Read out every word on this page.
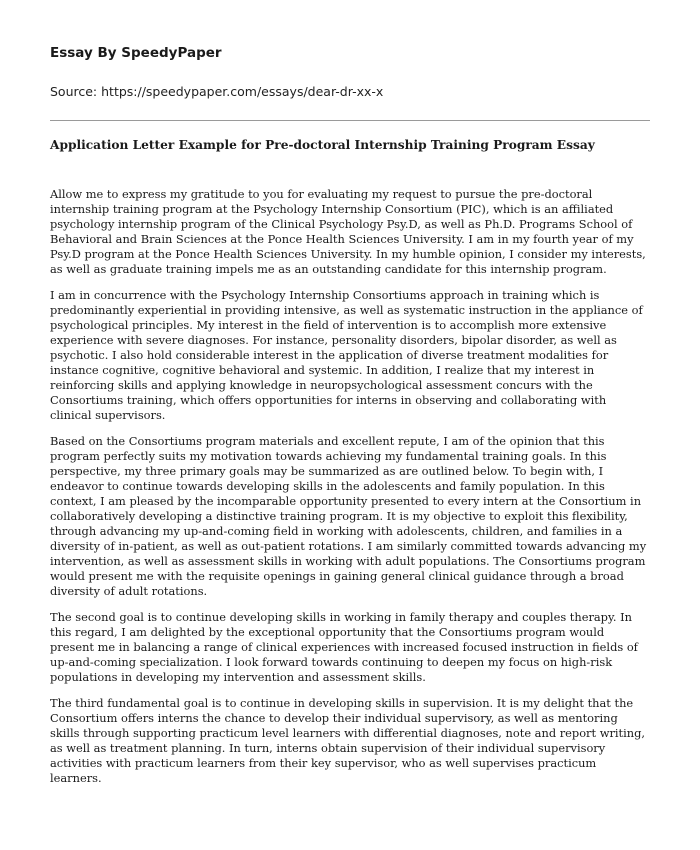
Essay By SpeedyPaper

Source: https://speedypaper.com/essays/dear-dr-xx-x

Application Letter Example for Pre-doctoral Internship Training Program Essay

Allow me to express my gratitude to you for evaluating my request to pursue the pre-doctoral internship training program at the Psychology Internship Consortium (PIC), which is an affiliated psychology internship program of the Clinical Psychology Psy.D, as well as Ph.D. Programs School of Behavioral and Brain Sciences at the Ponce Health Sciences University. I am in my fourth year of my Psy.D program at the Ponce Health Sciences University. In my humble opinion, I consider my interests, as well as graduate training impels me as an outstanding candidate for this internship program.

I am in concurrence with the Psychology Internship Consortiums approach in training which is predominantly experiential in providing intensive, as well as systematic instruction in the appliance of psychological principles. My interest in the field of intervention is to accomplish more extensive experience with severe diagnoses. For instance, personality disorders, bipolar disorder, as well as psychotic. I also hold considerable interest in the application of diverse treatment modalities for instance cognitive, cognitive behavioral and systemic. In addition, I realize that my interest in reinforcing skills and applying knowledge in neuropsychological assessment concurs with the Consortiums training, which offers opportunities for interns in observing and collaborating with clinical supervisors.

Based on the Consortiums program materials and excellent repute, I am of the opinion that this program perfectly suits my motivation towards achieving my fundamental training goals. In this perspective, my three primary goals may be summarized as are outlined below. To begin with, I endeavor to continue towards developing skills in the adolescents and family population. In this context, I am pleased by the incomparable opportunity presented to every intern at the Consortium in collaboratively developing a distinctive training program. It is my objective to exploit this flexibility, through advancing my up-and-coming field in working with adolescents, children, and families in a diversity of in-patient, as well as out-patient rotations. I am similarly committed towards advancing my intervention, as well as assessment skills in working with adult populations. The Consortiums program would present me with the requisite openings in gaining general clinical guidance through a broad diversity of adult rotations.

The second goal is to continue developing skills in working in family therapy and couples therapy. In this regard, I am delighted by the exceptional opportunity that the Consortiums program would present me in balancing a range of clinical experiences with increased focused instruction in fields of up-and-coming specialization. I look forward towards continuing to deepen my focus on high-risk populations in developing my intervention and assessment skills.

The third fundamental goal is to continue in developing skills in supervision. It is my delight that the Consortium offers interns the chance to develop their individual supervisory, as well as mentoring skills through supporting practicum level learners with differential diagnoses, note and report writing, as well as treatment planning. In turn, interns obtain supervision of their individual supervisory activities with practicum learners from their key supervisor, who as well supervises practicum learners.
